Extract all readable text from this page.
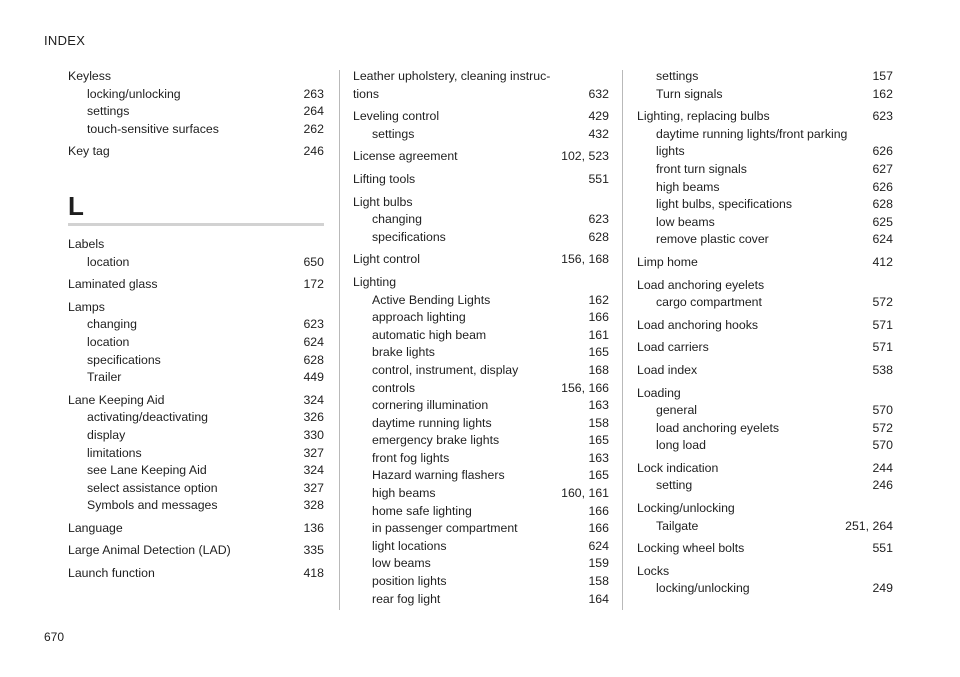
INDEX
Keyless
locking/unlocking	263
settings	264
touch-sensitive surfaces	262
Key tag	246
L
Labels
location	650
Laminated glass	172
Lamps
changing	623
location	624
specifications	628
Trailer	449
Lane Keeping Aid	324
activating/deactivating	326
display	330
limitations	327
see Lane Keeping Aid	324
select assistance option	327
Symbols and messages	328
Language	136
Large Animal Detection (LAD)	335
Launch function	418
Leather upholstery, cleaning instruc-
tions	632
Leveling control	429
settings	432
License agreement	102, 523
Lifting tools	551
Light bulbs
changing	623
specifications	628
Light control	156, 168
Lighting
Active Bending Lights	162
approach lighting	166
automatic high beam	161
brake lights	165
control, instrument, display	168
controls	156, 166
cornering illumination	163
daytime running lights	158
emergency brake lights	165
front fog lights	163
Hazard warning flashers	165
high beams	160, 161
home safe lighting	166
in passenger compartment	166
light locations	624
low beams	159
position lights	158
rear fog light	164
settings	157
Turn signals	162
Lighting, replacing bulbs	623
daytime running lights/front parking
lights	626
front turn signals	627
high beams	626
light bulbs, specifications	628
low beams	625
remove plastic cover	624
Limp home	412
Load anchoring eyelets
cargo compartment	572
Load anchoring hooks	571
Load carriers	571
Load index	538
Loading
general	570
load anchoring eyelets	572
long load	570
Lock indication	244
setting	246
Locking/unlocking
Tailgate	251, 264
Locking wheel bolts	551
Locks
locking/unlocking	249
670
